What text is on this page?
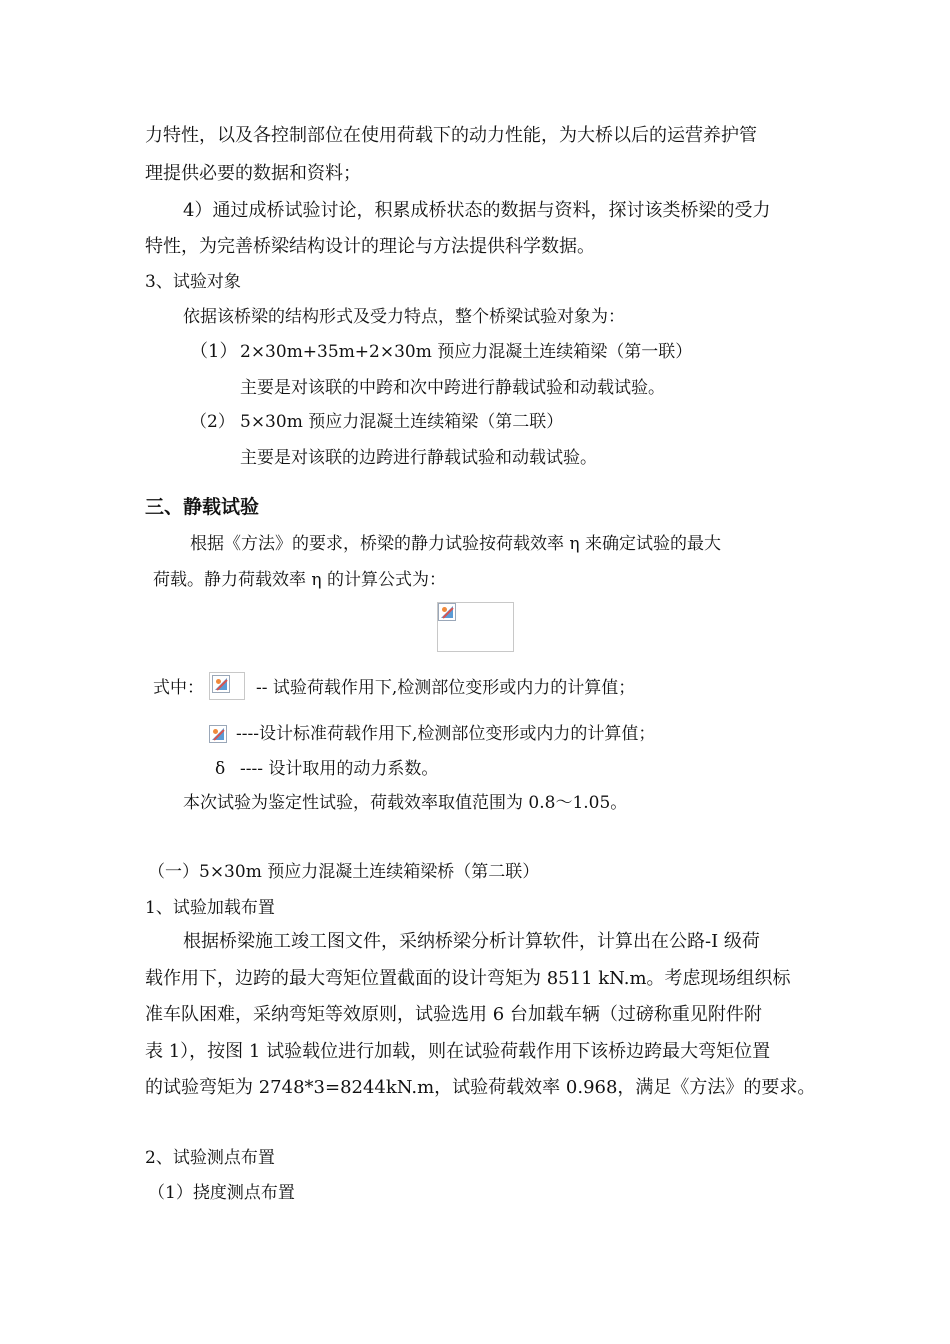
力特性，以及各控制部位在使用荷载下的动力性能，为大桥以后的运营养护管
理提供必要的数据和资料；
4）通过成桥试验讨论，积累成桥状态的数据与资料，探讨该类桥梁的受力
特性，为完善桥梁结构设计的理论与方法提供科学数据。
3、试验对象
依据该桥梁的结构形式及受力特点，整个桥梁试验对象为：
（1） 2×30m+35m+2×30m 预应力混凝土连续箱梁（第一联）
主要是对该联的中跨和次中跨进行静载试验和动载试验。
（2） 5×30m 预应力混凝土连续箱梁（第二联）
主要是对该联的边跨进行静载试验和动载试验。
三、静载试验
根据《方法》的要求，桥梁的静力试验按荷载效率 η 来确定试验的最大
荷载。静力荷载效率 η 的计算公式为：
式中：	-- 试验荷载作用下,检测部位变形或内力的计算值；
----设计标准荷载作用下,检测部位变形或内力的计算值；
δ ---- 设计取用的动力系数。
本次试验为鉴定性试验，荷载效率取值范围为 0.8～1.05。
（一）5×30m 预应力混凝土连续箱梁桥（第二联）
1、试验加载布置
根据桥梁施工竣工图文件，采纳桥梁分析计算软件，计算出在公路-I 级荷
载作用下，边跨的最大弯矩位置截面的设计弯矩为 8511 kN.m。考虑现场组织标
准车队困难，采纳弯矩等效原则，试验选用 6 台加载车辆（过磅称重见附件附
表 1），按图 1 试验载位进行加载，则在试验荷载作用下该桥边跨最大弯矩位置
的试验弯矩为 2748*3=8244kN.m，试验荷载效率 0.968，满足《方法》的要求。
2、试验测点布置
（1）挠度测点布置
